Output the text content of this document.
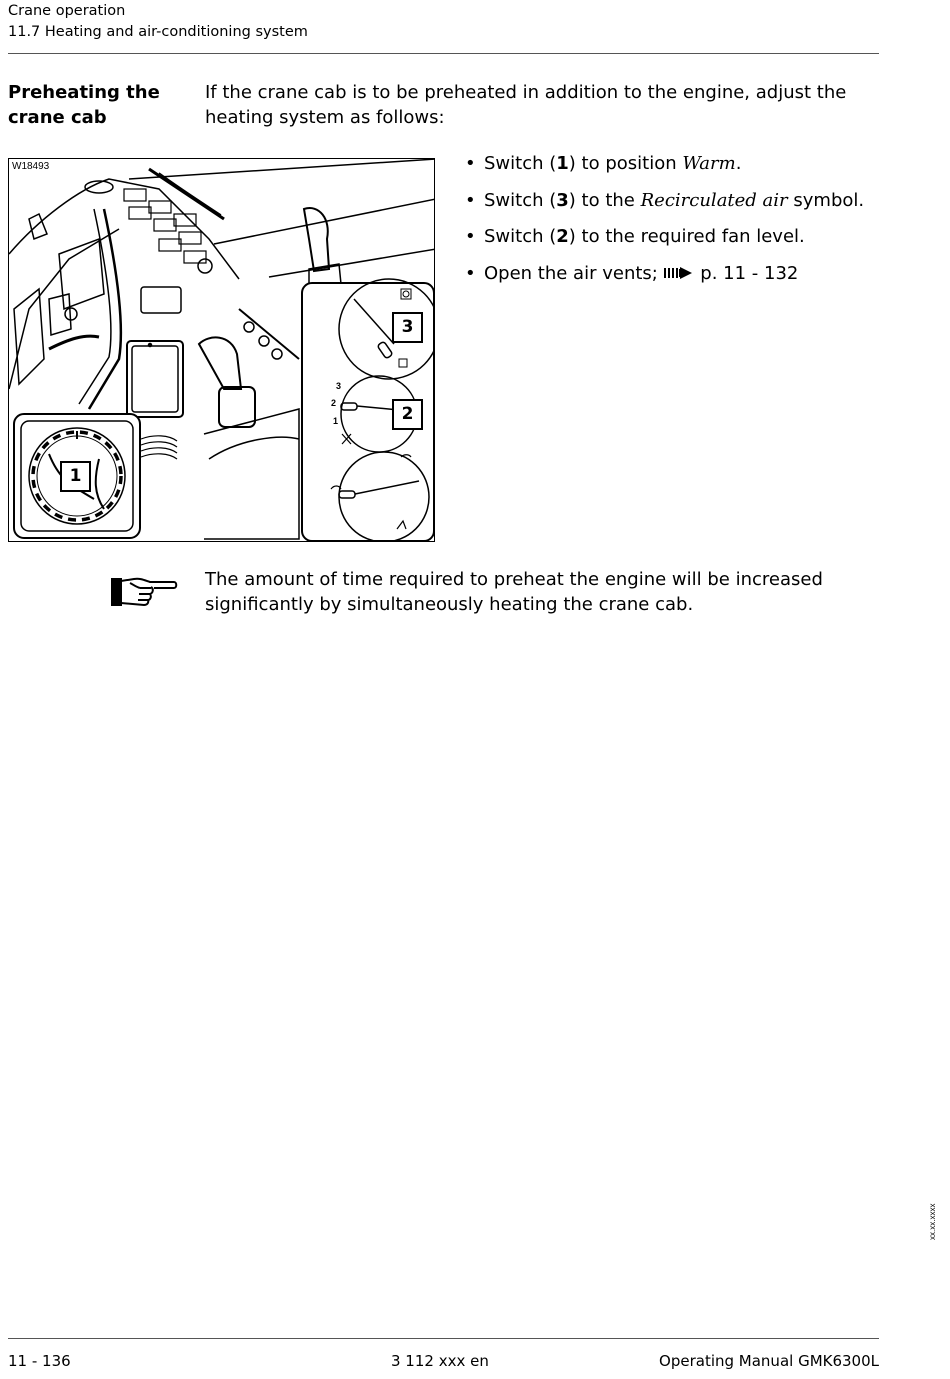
Crane operation
11.7 Heating and air-conditioning system
Preheating the crane cab
If the crane cab is to be preheated in addition to the engine, adjust the heating system as follows:
W18493
3
2
1
1
2
3
• Switch (1) to position Warm.
• Switch (3) to the Recirculated air symbol.
• Switch (2) to the required fan level.
• Open the air vents;  p. 11 - 132
The amount of time required to preheat the engine will be increased significantly by simultaneously heating the crane cab.
xx.xx.xxxx
11 - 136	3 112 xxx en	Operating Manual GMK6300L
